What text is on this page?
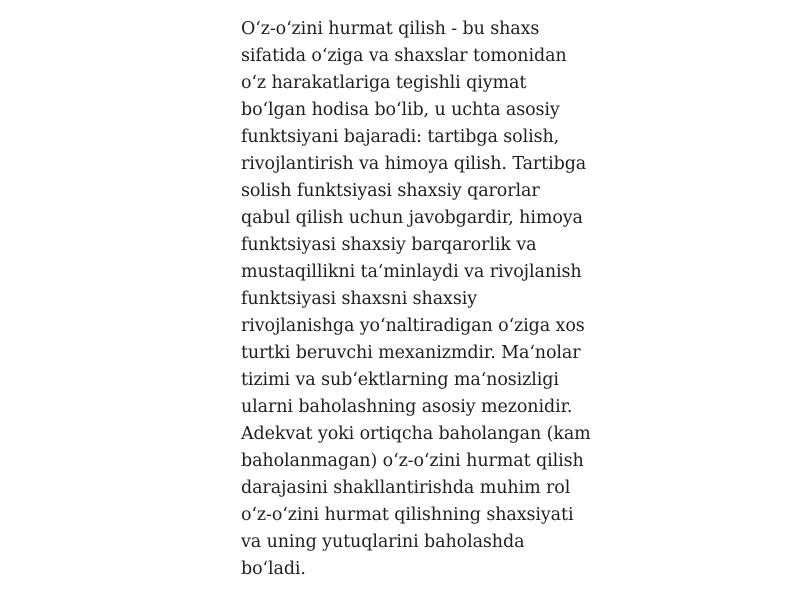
O‘z-o‘zini hurmat qilish - bu shaxs
sifatida o‘ziga va shaxslar tomonidan
o‘z harakatlariga tegishli qiymat
bo‘lgan hodisa bo‘lib, u uchta asosiy
funktsiyani bajaradi: tartibga solish,
rivojlantirish va himoya qilish. Tartibga
solish funktsiyasi shaxsiy qarorlar
qabul qilish uchun javobgardir, himoya
funktsiyasi shaxsiy barqarorlik va
mustaqillikni ta‘minlaydi va rivojlanish
funktsiyasi shaxsni shaxsiy
rivojlanishga yo‘naltiradigan o‘ziga xos
turtki beruvchi mexanizmdir. Ma‘nolar
tizimi va sub‘ektlarning ma‘nosizligi
ularni baholashning asosiy mezonidir.
Adekvat yoki ortiqcha baholangan (kam
baholanmagan) o‘z-o‘zini hurmat qilish
darajasini shakllantirishda muhim rol
o‘z-o‘zini hurmat qilishning shaxsiyati
va uning yutuqlarini baholashda
bo‘ladi.
